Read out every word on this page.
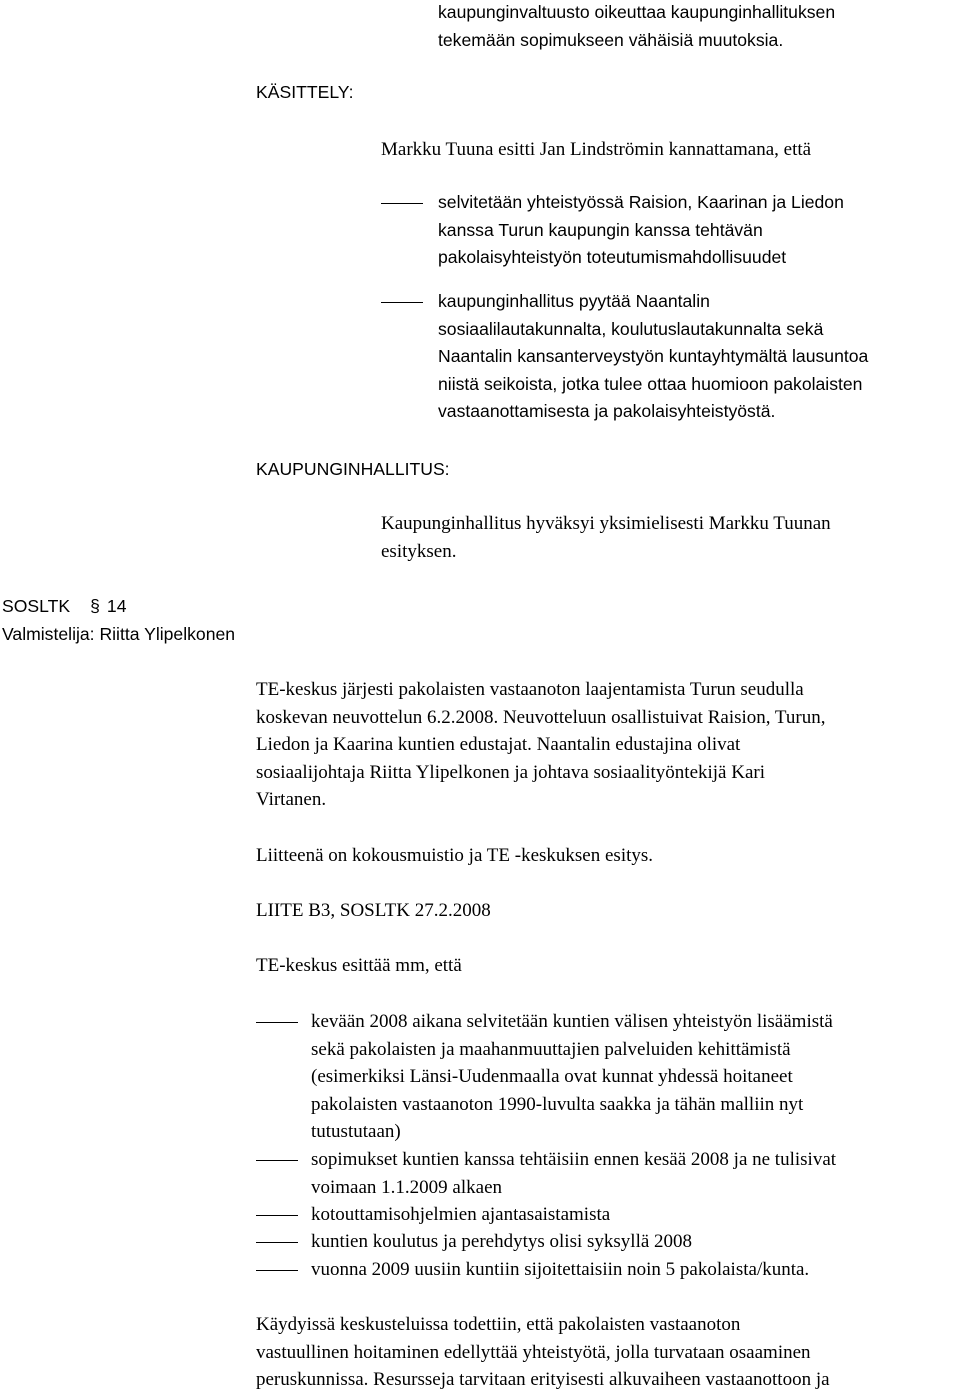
kaupunginvaltuusto oikeuttaa kaupunginhallituksen

tekemään sopimukseen vähäisiä muutoksia.

KÄSITTELY:
Markku Tuuna esitti Jan Lindströmin kannattamana, että

selvitetään yhteistyössä Raision, Kaarinan ja Liedon

kanssa Turun kaupungin kanssa tehtävän

pakolaisyhteistyön toteutumismahdollisuudet

kaupunginhallitus pyytää Naantalin

sosiaalilautakunnalta, koulutuslautakunnalta sekä

Naantalin kansanterveystyön kuntayhtymältä lausuntoa

niistä seikoista, jotka tulee ottaa huomioon pakolaisten

vastaanottamisesta ja pakolaisyhteistyöstä.

KAUPUNGINHALLITUS:

Kaupunginhallitus hyväksyi yksimielisesti Markku Tuunan

esityksen.

SOSLTK § 14

Valmistelija: Riitta Ylipelkonen

TE-keskus järjesti pakolaisten vastaanoton laajentamista Turun seudulla

koskevan neuvottelun 6.2.2008. Neuvotteluun osallistuivat Raision, Turun,

Liedon ja Kaarina kuntien edustajat. Naantalin edustajina olivat

sosiaalijohtaja Riitta Ylipelkonen ja johtava sosiaalityöntekijä Kari

Virtanen.

Liitteenä on kokousmuistio ja TE -keskuksen esitys.
LIITE B3, SOSLTK 27.2.2008
TE-keskus esittää mm, että

kevään 2008 aikana selvitetään kuntien välisen yhteistyön lisäämistä

sekä pakolaisten ja maahanmuuttajien palveluiden kehittämistä

(esimerkiksi Länsi-Uudenmaalla ovat kunnat yhdessä hoitaneet

pakolaisten vastaanoton 1990-luvulta saakka ja tähän malliin nyt

tutustutaan)

sopimukset kuntien kanssa tehtäisiin ennen kesää 2008 ja ne tulisivat

voimaan 1.1.2009 alkaen

kotouttamisohjelmien ajantasaistamista

kuntien koulutus ja perehdytys olisi syksyllä 2008

vuonna 2009 uusiin kuntiin sijoitettaisiin noin 5 pakolaista/kunta.

Käydyissä keskusteluissa todettiin, että pakolaisten vastaanoton

vastuullinen hoitaminen edellyttää yhteistyötä, jolla turvataan osaaminen

peruskunnissa. Resursseja tarvitaan erityisesti alkuvaiheen vastaanottoon ja
